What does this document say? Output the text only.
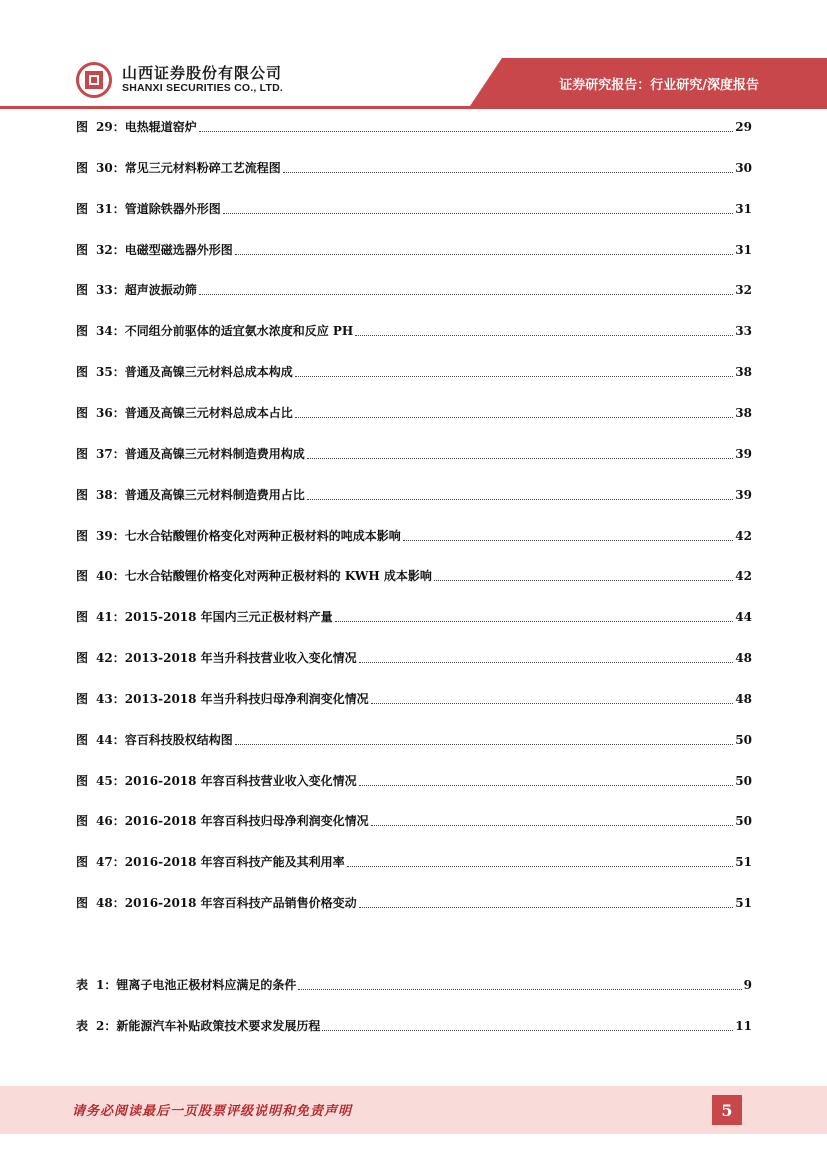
山西证券股份有限公司
SHANXI SECURITIES CO., LTD.	证券研究报告：行业研究/深度报告
图
  29： 电热辊道窑炉	29
图
  30： 常见三元材料粉碎工艺流程图	30
图
  31： 管道除铁器外形图	31
图
  32： 电磁型磁选器外形图	31
图
  33： 超声波振动筛	32
图
  34： 不同组分前驱体的适宜氨水浓度和反应 PH	33
图
  35： 普通及高镍三元材料总成本构成	38
图
  36： 普通及高镍三元材料总成本占比	38
图
  37： 普通及高镍三元材料制造费用构成	39
图
  38： 普通及高镍三元材料制造费用占比	39
图
  39： 七水合钴酸锂价格变化对两种正极材料的吨成本影响	42
图
  40： 七水合钴酸锂价格变化对两种正极材料的 KWH 成本影响	42
图
  41： 2015-2018 年国内三元正极材料产量	44
图
  42： 2013-2018 年当升科技营业收入变化情况	48
图
  43： 2013-2018 年当升科技归母净利润变化情况	48
图
  44： 容百科技股权结构图	50
图
  45： 2016-2018 年容百科技营业收入变化情况	50
图
  46： 2016-2018 年容百科技归母净利润变化情况	50
图
  47： 2016-2018 年容百科技产能及其利用率	51
图
  48： 2016-2018 年容百科技产品销售价格变动	51
表
  1： 锂离子电池正极材料应满足的条件	9
表
  2： 新能源汽车补贴政策技术要求发展历程	11
请务必阅读最后一页股票评级说明和免责声明	5
